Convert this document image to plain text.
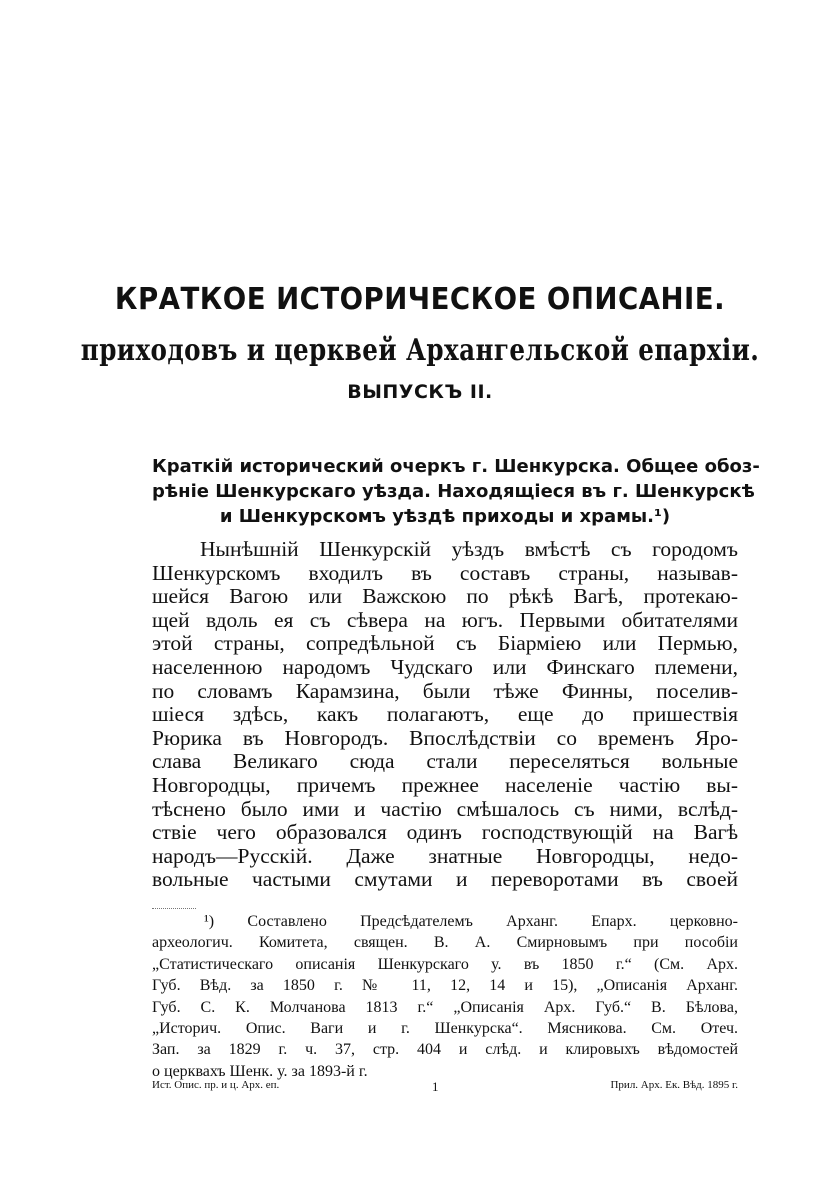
КРАТКОЕ ИСТОРИЧЕСКОЕ ОПИСАНІЕ.
приходовъ и церквей Архангельской епархіи.
ВЫПУСКЪ II.
Краткій исторический очеркъ г. Шенкурска. Общее обоз-
рѣніе Шенкурскаго уѣзда. Находящіеся въ г. Шенкурскѣ
и Шенкурскомъ уѣздѣ приходы и храмы.¹)
Нынѣшній Шенкурскій уѣздъ вмѣстѣ съ городомъ
Шенкурскомъ входилъ въ составъ страны, называв-
шейся Вагою или Важскою по рѣкѣ Вагѣ, протекаю-
щей вдоль ея съ сѣвера на югъ. Первыми обитателями
этой страны, сопредѣльной съ Біарміею или Пермью,
населенною народомъ Чудскаго или Финскаго племени,
по словамъ Карамзина, были тѣже Финны, поселив-
шіеся здѣсь, какъ полагаютъ, еще до пришествія
Рюрика въ Новгородъ. Впослѣдствіи со временъ Яро-
слава Великаго сюда стали переселяться вольные
Новгородцы, причемъ прежнее населеніе частію вы-
тѣснено было ими и частію смѣшалось съ ними, вслѣд-
ствіе чего образовался одинъ господствующій на Вагѣ
народъ—Русскій. Даже знатные Новгородцы, недо-
вольные частыми смутами и переворотами въ своей
¹) Составлено Предсѣдателемъ Арханг. Епарх. церковно-
археологич. Комитета, священ. В. А. Смирновымъ при пособіи
„Статистическаго описанія Шенкурскаго у. въ 1850 г.“ (См. Арх.
Губ. Вѣд. за 1850 г. № 11, 12, 14 и 15), „Описанія Арханг.
Губ. С. К. Молчанова 1813 г.“ „Описанія Арх. Губ.“ В. Бѣлова,
„Историч. Опис. Ваги и г. Шенкурска“. Мясникова. См. Отеч.
Зап. за 1829 г. ч. 37, стр. 404 и слѣд. и клировыхъ вѣдомостей
о церквахъ Шенк. у. за 1893-й г.
Ист. Опис. пр. и ц. Арх. еп.	1	Прил. Арх. Ек. Вѣд. 1895 г.
